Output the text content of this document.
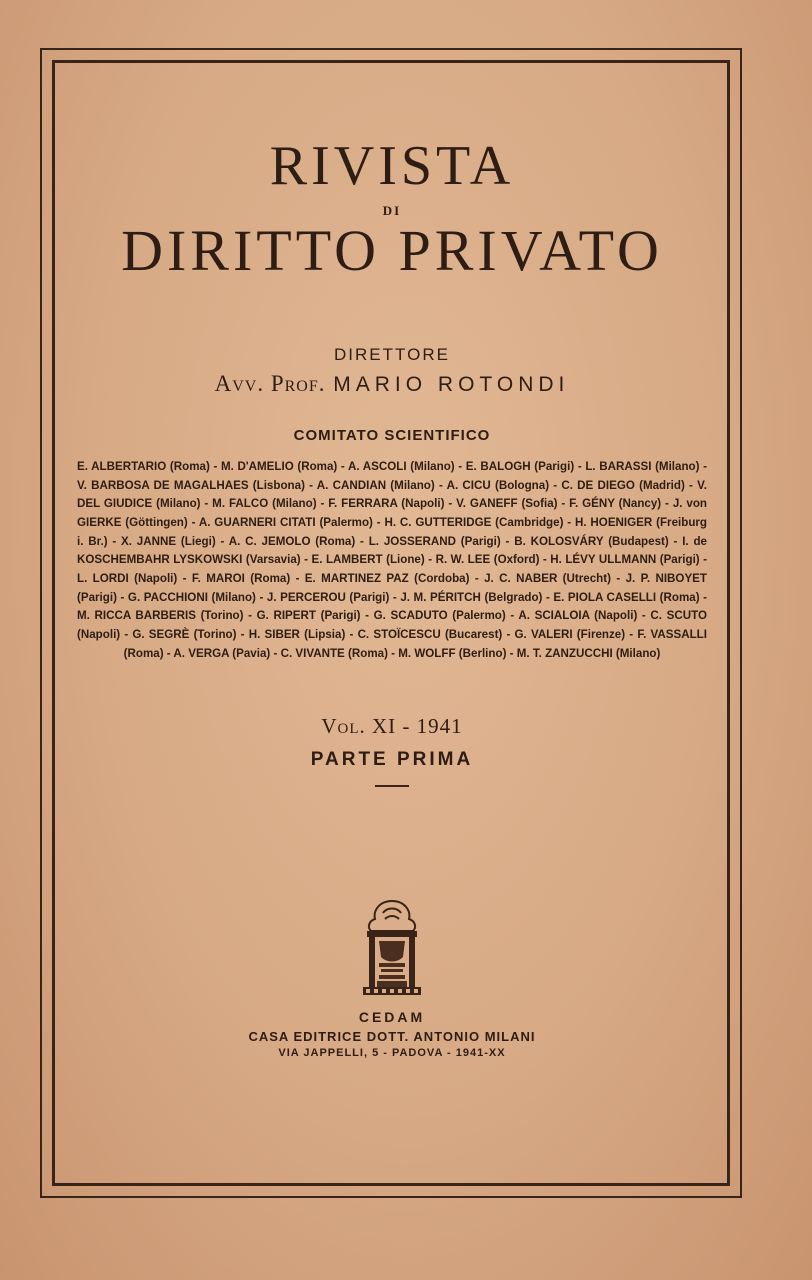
RIVISTA
DI
DIRITTO PRIVATO
DIRETTORE
Avv. Prof. MARIO ROTONDI
COMITATO SCIENTIFICO
E. ALBERTARIO (Roma) - M. D'AMELIO (Roma) - A. ASCOLI (Milano) - E. BALOGH (Parigi) - L. BARASSI (Milano) - V. BARBOSA DE MAGALHAES (Lisbona) - A. CANDIAN (Milano) - A. CICU (Bologna) - C. DE DIEGO (Madrid) - V. DEL GIUDICE (Milano) - M. FALCO (Milano) - F. FERRARA (Napoli) - V. GANEFF (Sofia) - F. GÉNY (Nancy) - J. von GIERKE (Göttingen) - A. GUARNERI CITATI (Palermo) - H. C. GUTTERIDGE (Cambridge) - H. HOENIGER (Freiburg i. Br.) - X. JANNE (Liegi) - A. C. JEMOLO (Roma) - L. JOSSERAND (Parigi) - B. KOLOSVÁRY (Budapest) - I. de KOSCHEMBAHR LYSKOWSKI (Varsavia) - E. LAMBERT (Lione) - R. W. LEE (Oxford) - H. LÉVY ULLMANN (Parigi) - L. LORDI (Napoli) - F. MAROI (Roma) - E. MARTINEZ PAZ (Cordoba) - J. C. NABER (Utrecht) - J. P. NIBOYET (Parigi) - G. PACCHIONI (Milano) - J. PERCEROU (Parigi) - J. M. PÉRITCH (Belgrado) - E. PIOLA CASELLI (Roma) - M. RICCA BARBERIS (Torino) - G. RIPERT (Parigi) - G. SCADUTO (Palermo) - A. SCIALOIA (Napoli) - C. SCUTO (Napoli) - G. SEGRÈ (Torino) - H. SIBER (Lipsia) - C. STOÏCESCU (Bucarest) - G. VALERI (Firenze) - F. VASSALLI (Roma) - A. VERGA (Pavia) - C. VIVANTE (Roma) - M. WOLFF (Berlino) - M. T. ZANZUCCHI (Milano)
Vol. XI - 1941
PARTE PRIMA
CEDAM
CASA EDITRICE DOTT. ANTONIO MILANI
VIA JAPPELLI, 5 - PADOVA - 1941-XX
